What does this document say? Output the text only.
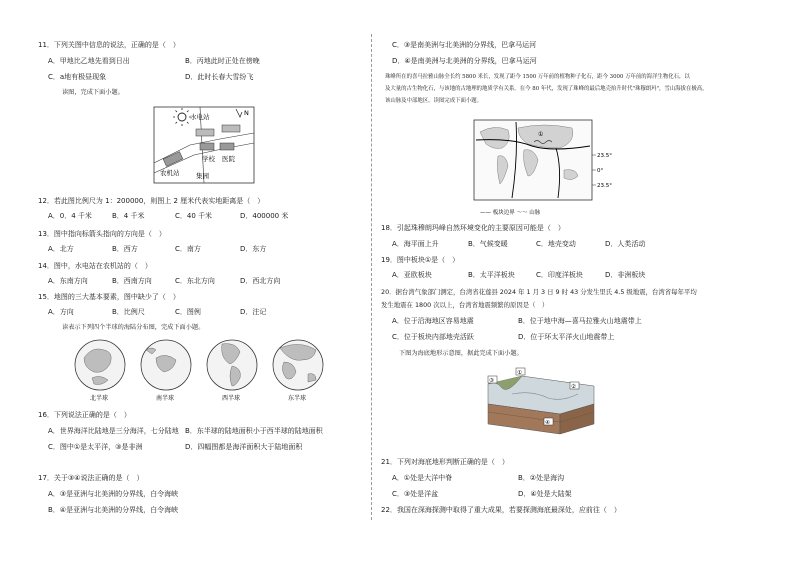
11．下列关图中信息的说法，正确的是（　）
A．甲地比乙地先看到日出	B．丙地此时正处在傍晚
C．a地有极昼现象	D．此时长春大雪纷飞
读图，完成下面小题。
水电站
学校 医院
农机站	集园
N
12．若此图比例尺为 1：200000，则图上 2 厘米代表实地距离是（　）
A．0．4 千米	B．4 千米	C．40 千米	D．400000 米
13．图中指向标箭头指向的方向是（　）
A．北方	B．西方	C．南方	D．东方
14．图中，水电站在农机站的（　）
A．东南方向	B．西南方向	C．东北方向	D．西北方向
15．地图的三大基本要素，图中缺少了（　）
A．方向	B．比例尺	C．图例	D．注记
读表示下列四个半球的海陆分布图，完成下面小题。
北半球	南半球	西半球	东半球
16．下列说法正确的是（　）
A．世界海洋比陆地是三分海洋，七分陆地 B．东半球的陆地面积小于西半球的陆地面积
C．图中①是太平洋，③是非洲	D．四幅图都是海洋面积大于陆地面积
17．关于③④说法正确的是（　）
A．③是亚洲与北美洲的分界线，白令海峡
B．④是亚洲与北美洲的分界线，白令海峡
C．③是南美洲与北美洲的分界线，巴拿马运河
D．④是南美洲与北美洲的分界线，巴拿马运河
珠峰所在的喜马拉雅山脉全长约 5800 米长，发现了距今 1500 万年前的植物种子化石，距今 3000 万年前的海洋生物化石，以
及大量的古生物化石，与该地的古地理的地质学有关系。在今 80 年代，发现了珠峰的最后地壳抬升时代"珠穆朗玛"，雪山海拔在极高，
该山脉及中部地区。读图完成下面小题。
①
23.5°
0°
23.5°
—— 板块边界 ～～ 山脉
18．引起珠穆朗玛峰自然环境变化的主要原因可能是（　）
A．海平面上升	B．气候变暖	C．地壳变动	D．人类活动
19．图中板块①是（　）
A．亚欧板块	B．太平洋板块	C．印度洋板块	D．非洲板块
20．据台湾气象部门测定，台湾省花莲县 2024 年 1 月 3 日 9 时 43 分发生里氏 4.5 级地震，台湾省每年平均
发生地震在 1800 次以上，台湾省地震频繁的原因是（　）
A．位于沿海地区容易地震	B．位于地中海—喜马拉雅火山地震带上
C．位于板块内部地壳活跃	D．位于环太平洋火山地震带上
下图为海底地形示意图，据此完成下面小题。
①
②
③
④
21．下列对海底地形判断正确的是（　）
A．①处是大洋中脊	B．②处是海沟
C．③处是洋盆	D．④处是大陆架
22．我国在深海探测中取得了重大成果，若要探测海底最深处，应前往（　）
